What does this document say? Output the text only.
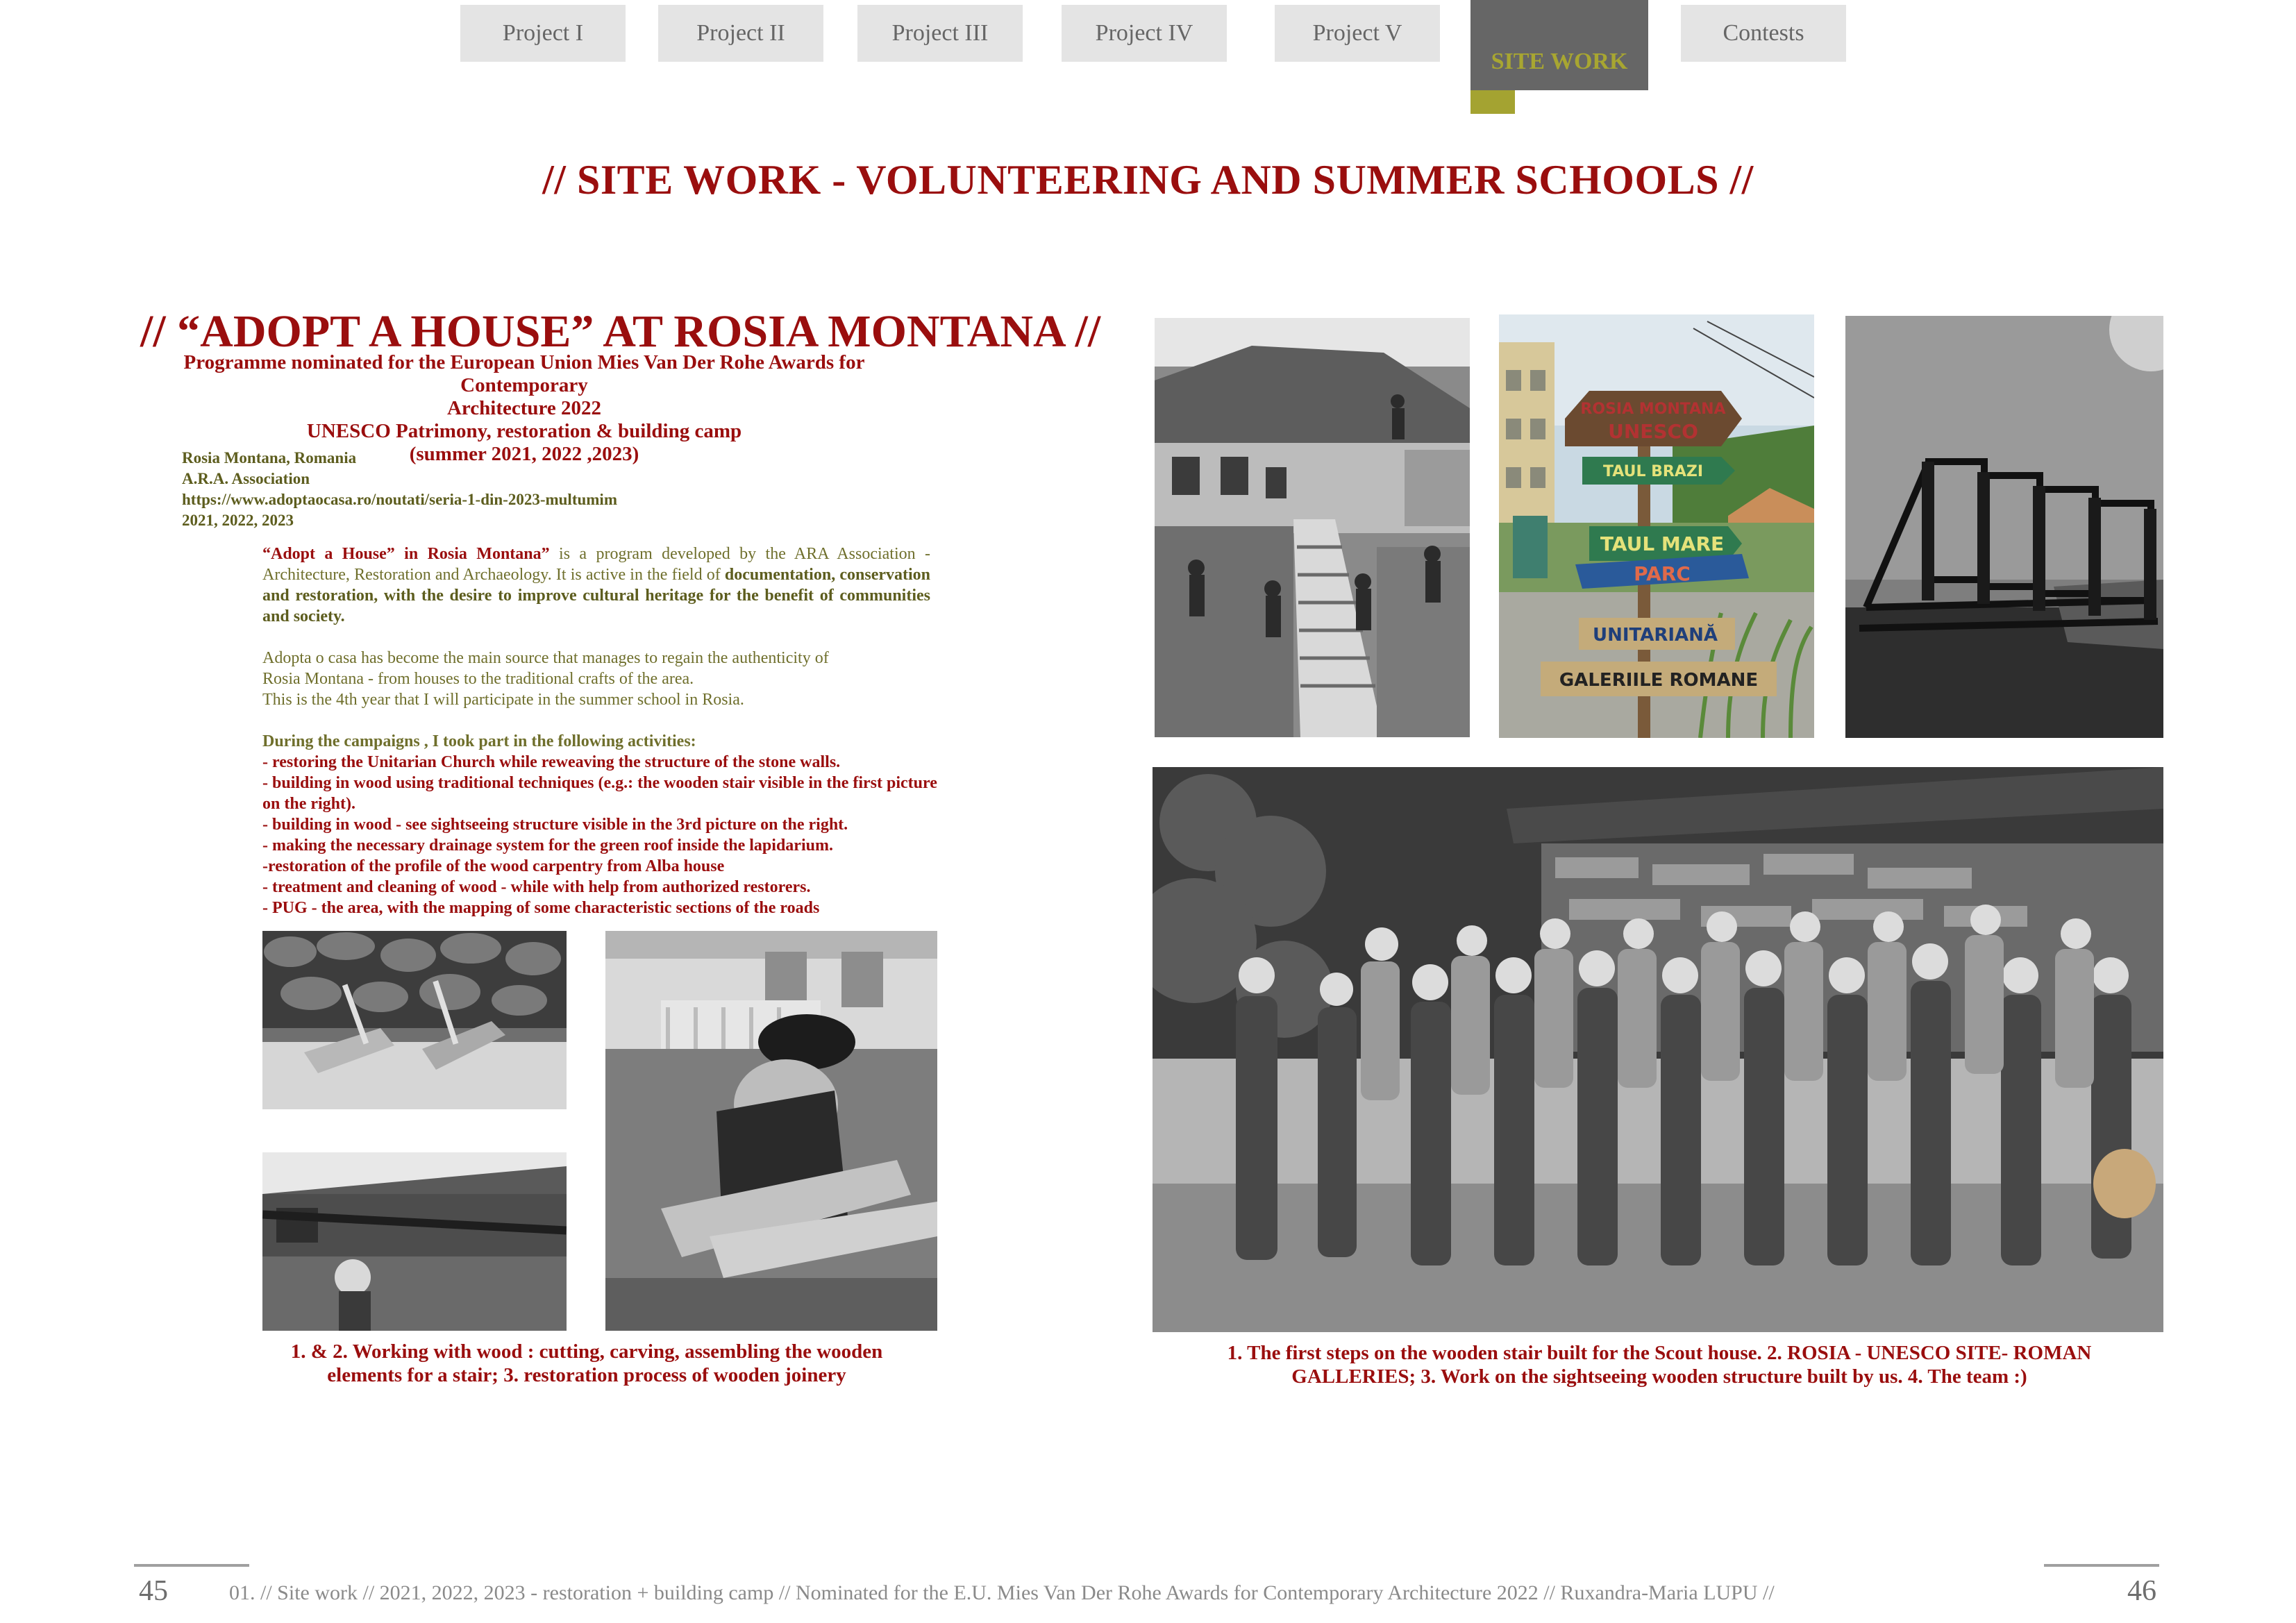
Project I	Project II	Project III	Project IV	Project V
SITE WORK
Contests
// SITE WORK - VOLUNTEERING AND SUMMER SCHOOLS //
// “ADOPT A HOUSE” AT ROSIA MONTANA //
Programme nominated for the European Union Mies Van Der Rohe Awards for Contemporary
Architecture 2022
UNESCO Patrimony, restoration & building camp
(summer 2021, 2022 ,2023)
Rosia Montana, Romania
A.R.A. Association
https://www.adoptaocasa.ro/noutati/seria-1-din-2023-multumim
2021, 2022, 2023
“Adopt a House” in Rosia Montana” is a program developed by the ARA Association - Architecture, Restoration and Archaeology. It is active in the field of documentation, conservation and restoration, with the desire to improve cultural heritage for the benefit of communities and society.
Adopta o casa has become the main source that manages to regain the authenticity of
Rosia Montana - from houses to the traditional crafts of the area.
This is the 4th year that I will participate in the summer school in Rosia.
During the campaigns , I took part in the following activities:
- restoring the Unitarian Church while reweaving the structure of the stone walls.
- building in wood using traditional techniques (e.g.: the wooden stair visible in the first picture on the right).
- building in wood - see sightseeing structure visible in the 3rd picture on the right.
- making the necessary drainage system for the green roof inside the lapidarium.
-restoration of the profile of the wood carpentry from Alba house
- treatment and cleaning of wood - while with help from authorized restorers.
- PUG - the area, with the mapping of some characteristic sections of the roads
1. & 2. Working with wood : cutting, carving, assembling the wooden
elements for a stair; 3. restoration process of wooden joinery
ROSIA MONTANA
UNESCO
TAUL BRAZI
TAUL MARE
PARC
UNITARIANĂ
GALERIILE ROMANE
1. The first steps on the wooden stair built for the Scout house. 2. ROSIA - UNESCO SITE- ROMAN
GALLERIES; 3. Work on the sightseeing wooden structure built by us. 4. The team :)
45	01. // Site work // 2021, 2022, 2023 - restoration + building camp // Nominated for the E.U. Mies Van Der Rohe Awards for Contemporary Architecture 2022 // Ruxandra-Maria LUPU //	46
